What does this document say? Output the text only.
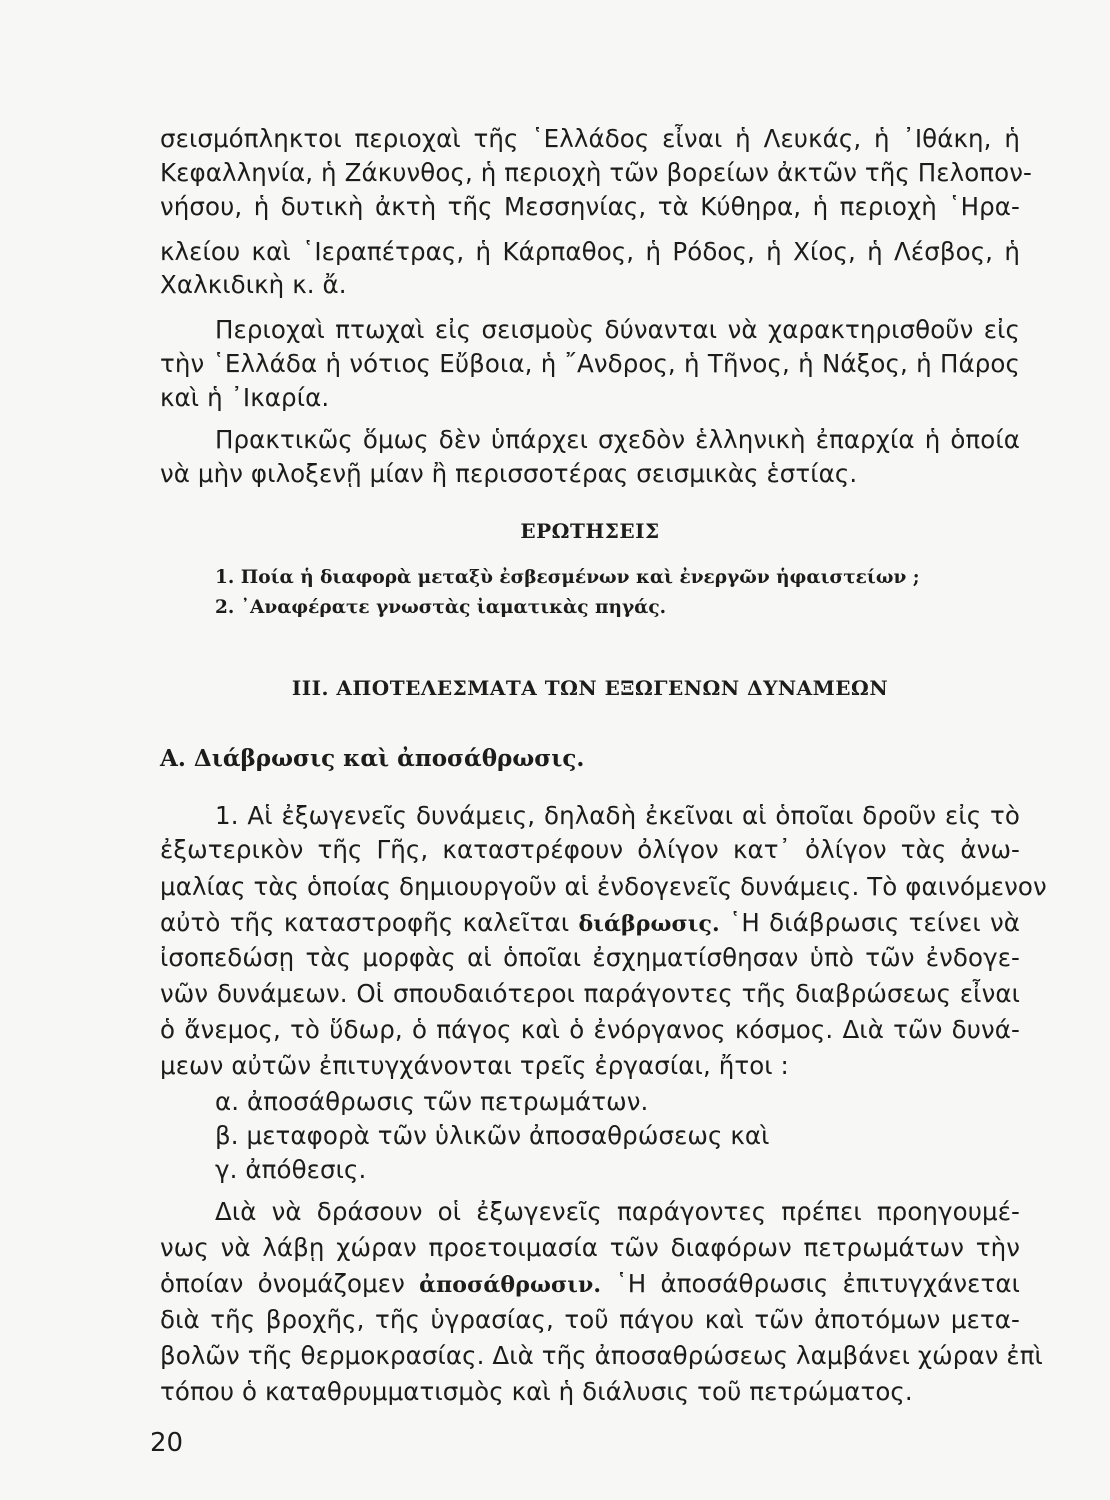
σεισμόπληκτοι περιοχαὶ τῆς ῾Ελλάδος εἶναι ἡ Λευκάς, ἡ ᾿Ιθάκη, ἡ
Κεφαλληνία, ἡ Ζάκυνθος, ἡ περιοχὴ τῶν βορείων ἀκτῶν τῆς Πελοπον-
νήσου, ἡ δυτικὴ ἀκτὴ τῆς Μεσσηνίας, τὰ Κύθηρα, ἡ περιοχὴ ῾Ηρα-
κλείου καὶ ῾Ιεραπέτρας, ἡ Κάρπαθος, ἡ Ρόδος, ἡ Χίος, ἡ Λέσβος, ἡ
Χαλκιδικὴ κ. ἄ.
Περιοχαὶ πτωχαὶ εἰς σεισμοὺς δύνανται νὰ χαρακτηρισθοῦν εἰς
τὴν ῾Ελλάδα ἡ νότιος Εὔβοια, ἡ ῎Ανδρος, ἡ Τῆνος, ἡ Νάξος, ἡ Πάρος
καὶ ἡ ᾿Ικαρία.
Πρακτικῶς ὅμως δὲν ὑπάρχει σχεδὸν ἑλληνικὴ ἐπαρχία ἡ ὁποία
νὰ μὴν φιλοξενῇ μίαν ἢ περισσοτέρας σεισμικὰς ἑστίας.
ΕΡΩΤΗΣΕΙΣ
1. Ποία ἡ διαφορὰ μεταξὺ ἐσβεσμένων καὶ ἐνεργῶν ἡφαιστείων ;
2. ᾿Αναφέρατε γνωστὰς ἰαματικὰς πηγάς.
ΙΙΙ. ΑΠΟΤΕΛΕΣΜΑΤΑ ΤΩΝ ΕΞΩΓΕΝΩΝ ΔΥΝΑΜΕΩΝ
Α. Διάβρωσις καὶ ἀποσάθρωσις.
1. Αἱ ἐξωγενεῖς δυνάμεις, δηλαδὴ ἐκεῖναι αἱ ὁποῖαι δροῦν εἰς τὸ
ἐξωτερικὸν τῆς Γῆς, καταστρέφουν ὀλίγον κατ᾿ ὀλίγον τὰς ἀνω-
μαλίας τὰς ὁποίας δημιουργοῦν αἱ ἐνδογενεῖς δυνάμεις. Τὸ φαινόμενον
αὐτὸ τῆς καταστροφῆς καλεῖται διάβρωσις. ῾Η διάβρωσις τείνει νὰ
ἰσοπεδώσῃ τὰς μορφὰς αἱ ὁποῖαι ἐσχηματίσθησαν ὑπὸ τῶν ἐνδογε-
νῶν δυνάμεων. Οἱ σπουδαιότεροι παράγοντες τῆς διαβρώσεως εἶναι
ὁ ἄνεμος, τὸ ὕδωρ, ὁ πάγος καὶ ὁ ἐνόργανος κόσμος. Διὰ τῶν δυνά-
μεων αὐτῶν ἐπιτυγχάνονται τρεῖς ἐργασίαι, ἤτοι :
α. ἀποσάθρωσις τῶν πετρωμάτων.
β. μεταφορὰ τῶν ὑλικῶν ἀποσαθρώσεως καὶ
γ. ἀπόθεσις.
Διὰ νὰ δράσουν οἱ ἐξωγενεῖς παράγοντες πρέπει προηγουμέ-
νως νὰ λάβῃ χώραν προετοιμασία τῶν διαφόρων πετρωμάτων τὴν
ὁποίαν ὀνομάζομεν ἀποσάθρωσιν. ῾Η ἀποσάθρωσις ἐπιτυγχάνεται
διὰ τῆς βροχῆς, τῆς ὑγρασίας, τοῦ πάγου καὶ τῶν ἀποτόμων μετα-
βολῶν τῆς θερμοκρασίας. Διὰ τῆς ἀποσαθρώσεως λαμβάνει χώραν ἐπὶ
τόπου ὁ καταθρυμματισμὸς καὶ ἡ διάλυσις τοῦ πετρώματος.
20
